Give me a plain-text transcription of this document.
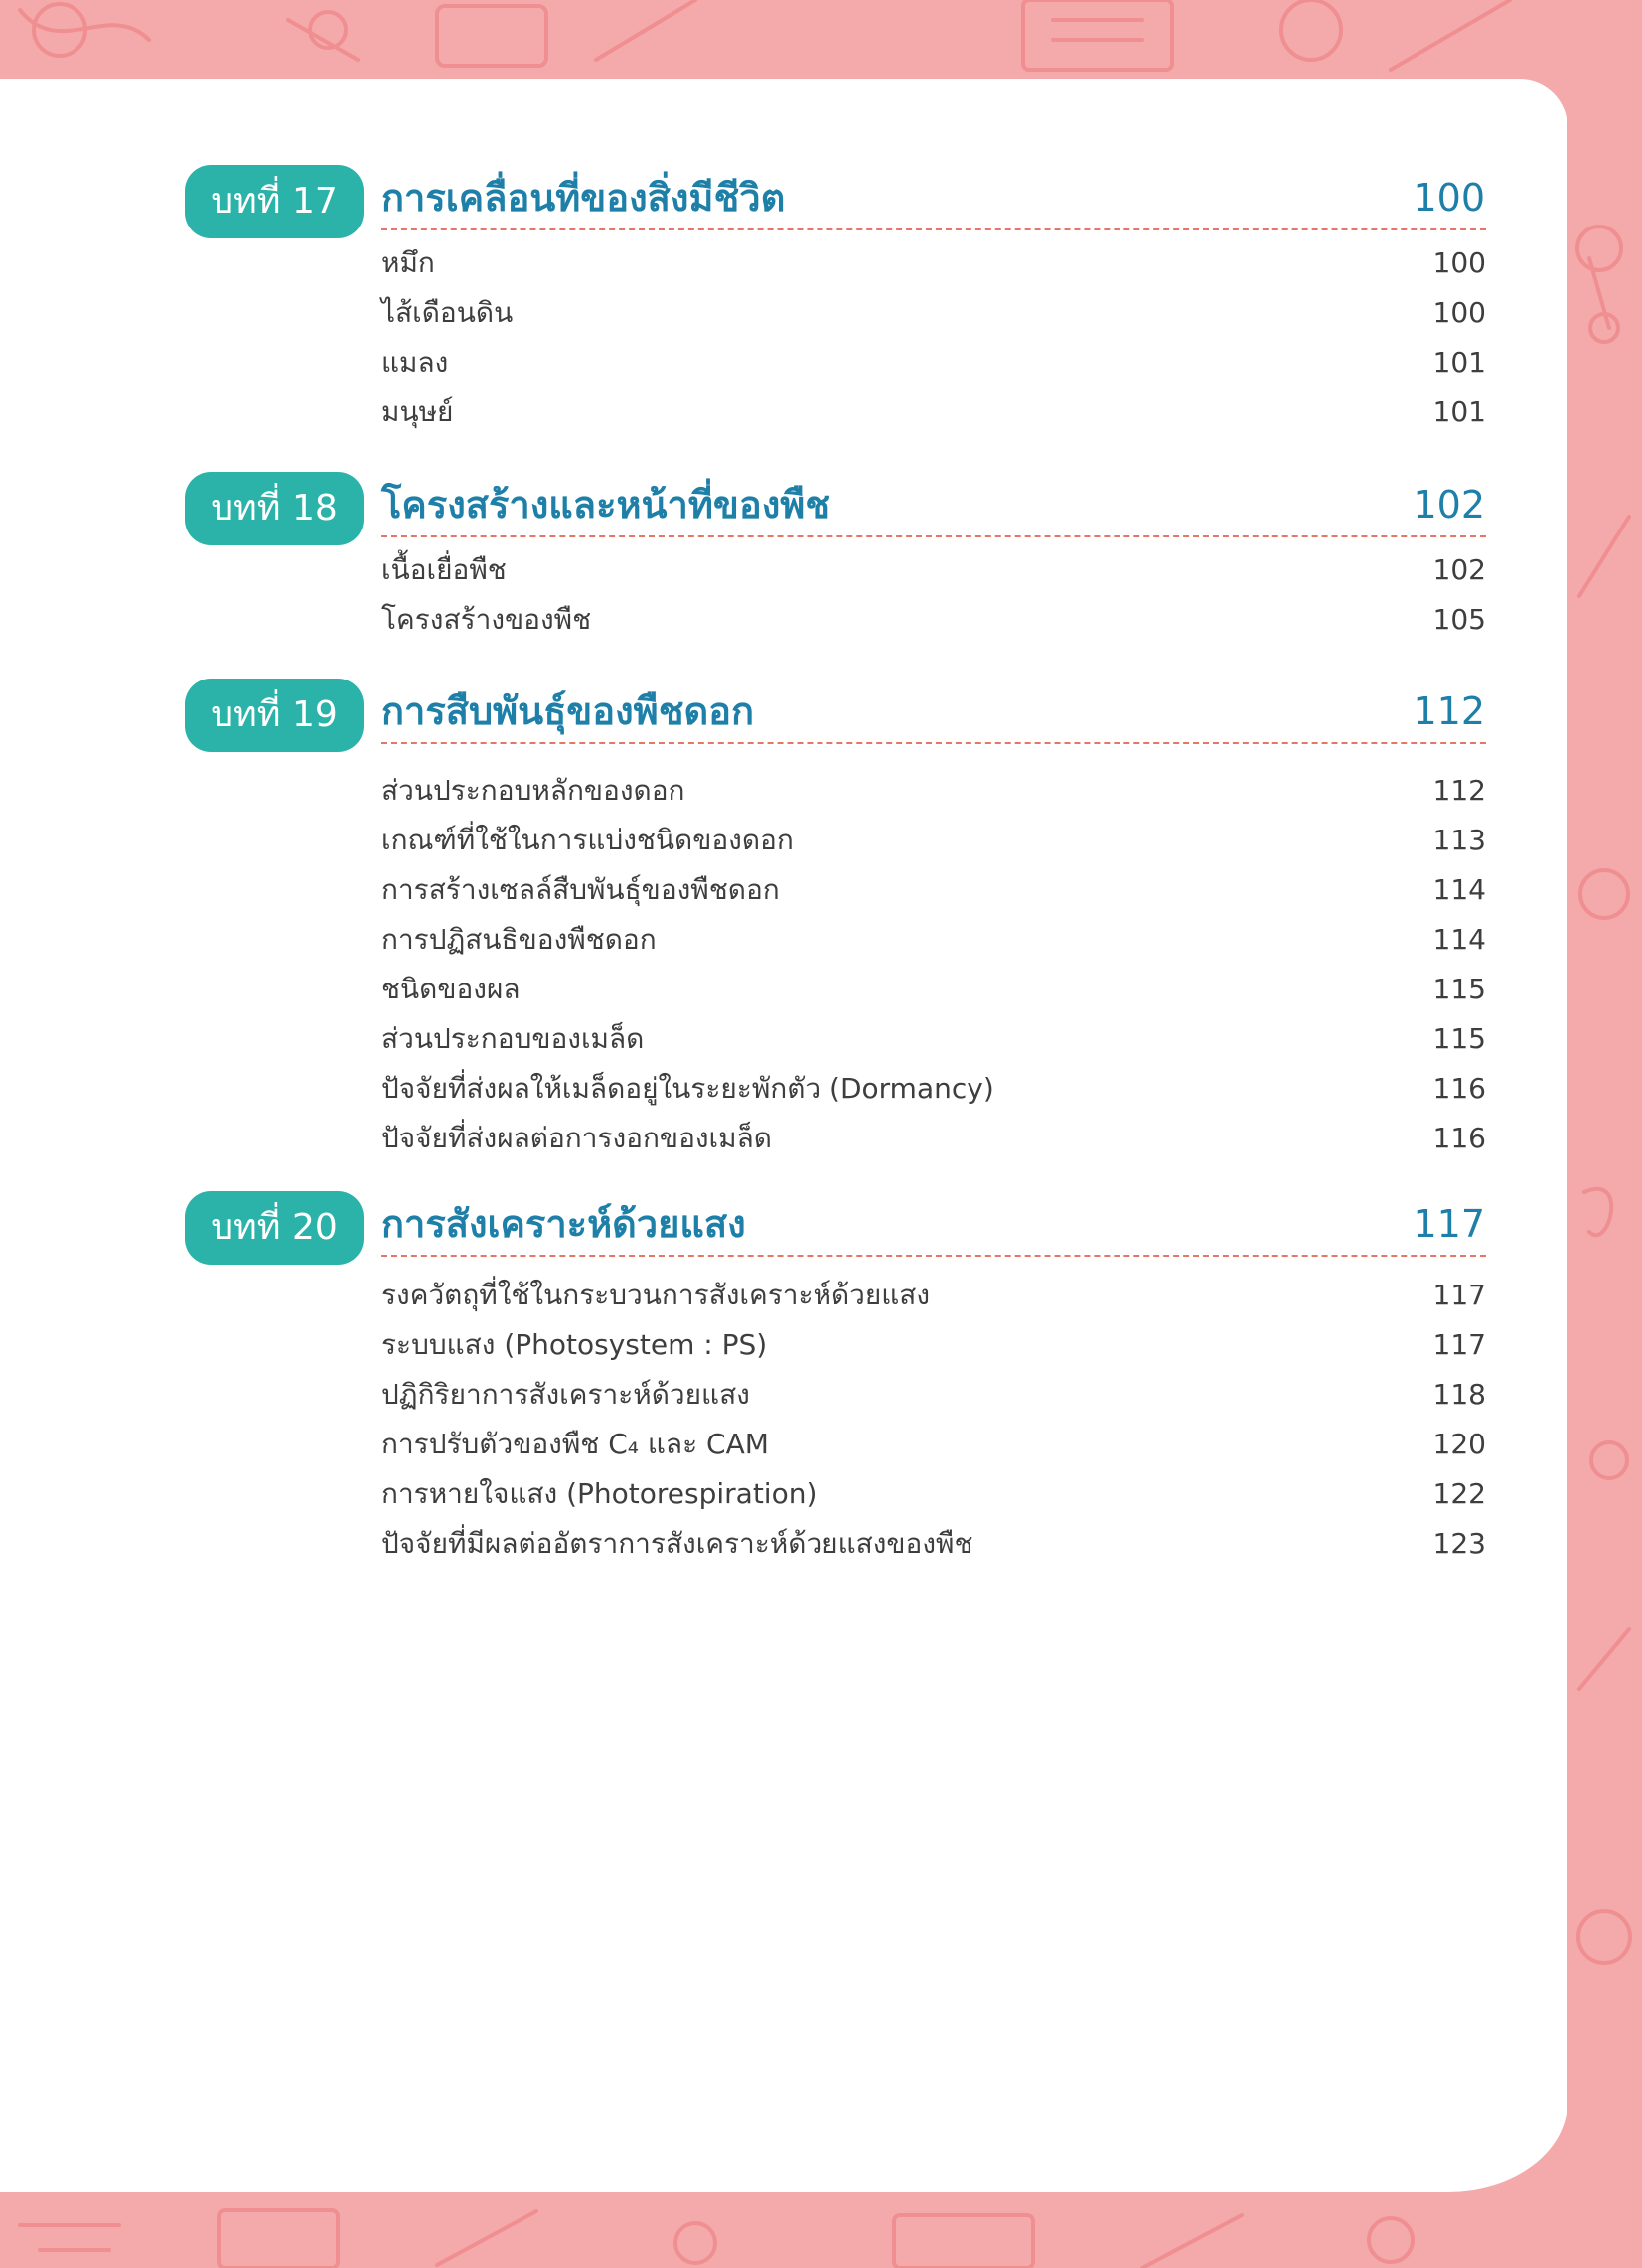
บทที่ 17	การเคลื่อนที่ของสิ่งมีชีวิต	100
หมึก	100
ไส้เดือนดิน	100
แมลง	101
มนุษย์	101
บทที่ 18	โครงสร้างและหน้าที่ของพืช	102
เนื้อเยื่อพืช	102
โครงสร้างของพืช	105
บทที่ 19	การสืบพันธุ์ของพืชดอก	112
ส่วนประกอบหลักของดอก	112
เกณฑ์ที่ใช้ในการแบ่งชนิดของดอก	113
การสร้างเซลล์สืบพันธุ์ของพืชดอก	114
การปฏิสนธิของพืชดอก	114
ชนิดของผล	115
ส่วนประกอบของเมล็ด	115
ปัจจัยที่ส่งผลให้เมล็ดอยู่ในระยะพักตัว (Dormancy)	116
ปัจจัยที่ส่งผลต่อการงอกของเมล็ด	116
บทที่ 20	การสังเคราะห์ด้วยแสง	117
รงควัตถุที่ใช้ในกระบวนการสังเคราะห์ด้วยแสง	117
ระบบแสง (Photosystem : PS)	117
ปฏิกิริยาการสังเคราะห์ด้วยแสง	118
การปรับตัวของพืช C₄ และ CAM	120
การหายใจแสง (Photorespiration)	122
ปัจจัยที่มีผลต่ออัตราการสังเคราะห์ด้วยแสงของพืช	123
